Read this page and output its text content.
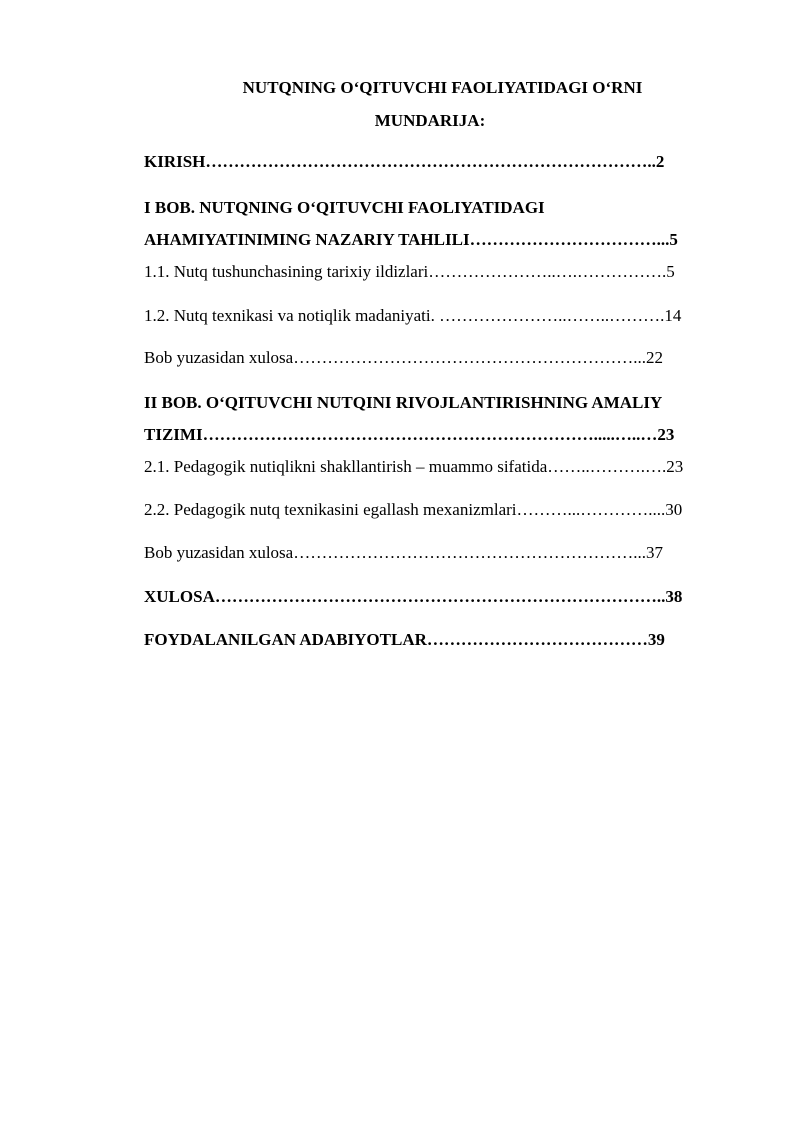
NUTQNING O‘QITUVCHI FAOLIYATIDAGI O‘RNI
MUNDARIJA:
KIRISH……………………………………………………………………..2
I BOB. NUTQNING O‘QITUVCHI FAOLIYATIDAGI
AHAMIYATINIMING NAZARIY TAHLILI……………………………...5
1.1. Nutq tushunchasining tarixiy ildizlari…………………..….…………….5
1.2. Nutq texnikasi va notiqlik madaniyati. …………………..……..……….14
Bob yuzasidan xulosa……………………………………………………...22
II BOB. O‘QITUVCHI NUTQINI RIVOJLANTIRISHNING AMALIY
TIZIMI…………………………………………………………….....…..…23
2.1. Pedagogik nutiqlikni shakllantirish – muammo sifatida……..……….….23
2.2. Pedagogik nutq texnikasini egallash mexanizmlari………...…………....30
Bob yuzasidan xulosa……………………………………………………...37
XULOSA……………………………………………………………………..38
FOYDALANILGAN ADABIYOTLAR…………………………………39
